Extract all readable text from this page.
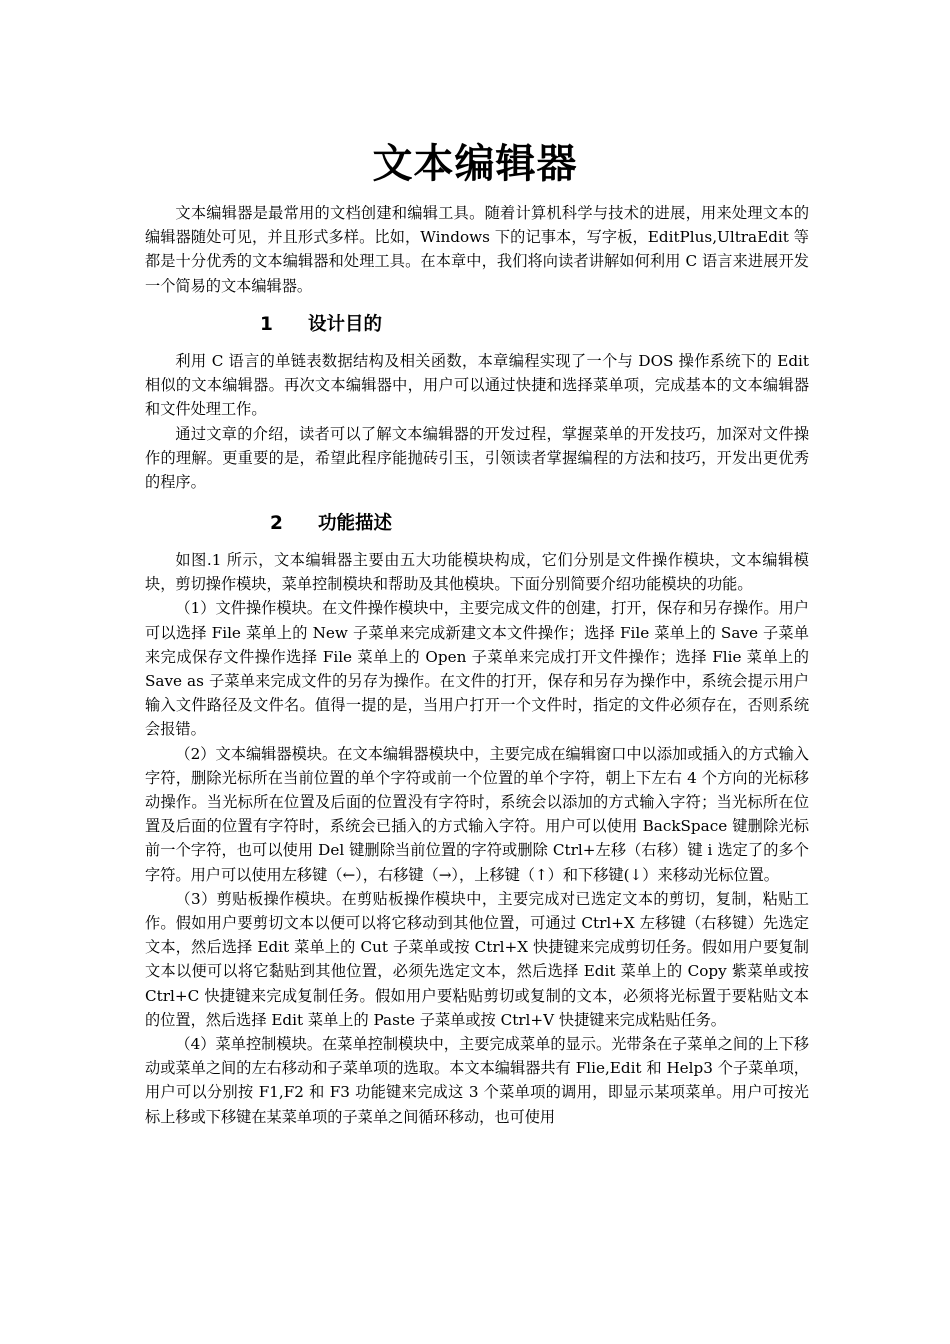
文本编辑器

文本编辑器是最常用的文档创建和编辑工具。随着计算机科学与技术的进展，用来处理文本的编辑器随处可见，并且形式多样。比如，Windows 下的记事本，写字板，EditPlus,UltraEdit 等都是十分优秀的文本编辑器和处理工具。在本章中，我们将向读者讲解如何利用 C 语言来进展开发一个简易的文本编辑器。

1 设计目的

利用 C 语言的单链表数据结构及相关函数，本章编程实现了一个与 DOS 操作系统下的 Edit 相似的文本编辑器。再次文本编辑器中，用户可以通过快捷和选择菜单项，完成基本的文本编辑器和文件处理工作。

通过文章的介绍，读者可以了解文本编辑器的开发过程，掌握菜单的开发技巧，加深对文件操作的理解。更重要的是，希望此程序能抛砖引玉，引领读者掌握编程的方法和技巧，开发出更优秀的程序。

2 功能描述

如图.1 所示，文本编辑器主要由五大功能模块构成，它们分别是文件操作模块，文本编辑模块，剪切操作模块，菜单控制模块和帮助及其他模块。下面分别简要介绍功能模块的功能。

（1）文件操作模块。在文件操作模块中，主要完成文件的创建，打开，保存和另存操作。用户可以选择 File 菜单上的 New 子菜单来完成新建文本文件操作；选择 File 菜单上的 Save 子菜单来完成保存文件操作选择 File 菜单上的 Open 子菜单来完成打开文件操作；选择 Flie 菜单上的 Save as 子菜单来完成文件的另存为操作。在文件的打开，保存和另存为操作中，系统会提示用户输入文件路径及文件名。值得一提的是，当用户打开一个文件时，指定的文件必须存在，否则系统会报错。

（2）文本编辑器模块。在文本编辑器模块中，主要完成在编辑窗口中以添加或插入的方式输入字符，删除光标所在当前位置的单个字符或前一个位置的单个字符，朝上下左右 4 个方向的光标移动操作。当光标所在位置及后面的位置没有字符时，系统会以添加的方式输入字符；当光标所在位置及后面的位置有字符时，系统会已插入的方式输入字符。用户可以使用 BackSpace 键删除光标前一个字符，也可以使用 Del 键删除当前位置的字符或删除 Ctrl+左移（右移）键 i 选定了的多个字符。用户可以使用左移键（←），右移键（→），上移键（↑）和下移键(↓）来移动光标位置。

（3）剪贴板操作模块。在剪贴板操作模块中，主要完成对已选定文本的剪切，复制，粘贴工作。假如用户要剪切文本以便可以将它移动到其他位置，可通过 Ctrl+X 左移键（右移键）先选定文本，然后选择 Edit 菜单上的 Cut 子菜单或按 Ctrl+X 快捷键来完成剪切任务。假如用户要复制文本以便可以将它黏贴到其他位置，必须先选定文本，然后选择 Edit 菜单上的 Copy 紫菜单或按 Ctrl+C 快捷键来完成复制任务。假如用户要粘贴剪切或复制的文本，必须将光标置于要粘贴文本的位置，然后选择 Edit 菜单上的 Paste 子菜单或按 Ctrl+V 快捷键来完成粘贴任务。

（4）菜单控制模块。在菜单控制模块中，主要完成菜单的显示。光带条在子菜单之间的上下移动或菜单之间的左右移动和子菜单项的选取。本文本编辑器共有 Flie,Edit 和 Help3 个子菜单项，用户可以分别按 F1,F2 和 F3 功能键来完成这 3 个菜单项的调用，即显示某项菜单。用户可按光标上移或下移键在某菜单项的子菜单之间循环移动，也可使用
